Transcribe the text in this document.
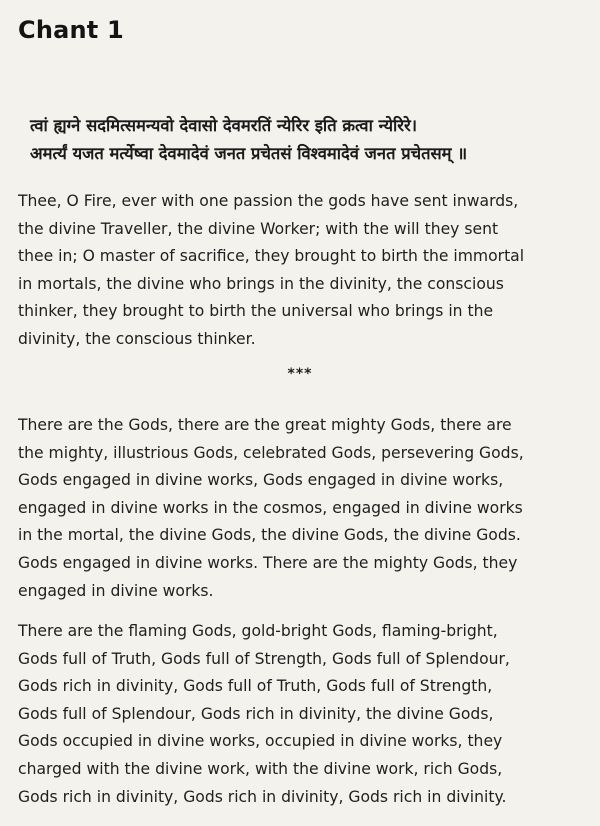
Chant 1
त्वां ह्यग्ने सदमित्समन्यवो देवासो देवमरतिं न्येरिर इति क्रत्वा न्येरिरे।
अमर्त्यं यजत मर्त्येष्वा देवमादेवं जनत प्रचेतसं विश्वमादेवं जनत प्रचेतसम् ॥
Thee, O Fire, ever with one passion the gods have sent inwards,
the divine Traveller, the divine Worker; with the will they sent
thee in; O master of sacrifice, they brought to birth the immortal
in mortals, the divine who brings in the divinity, the conscious
thinker, they brought to birth the universal who brings in the
divinity, the conscious thinker.
***
There are the Gods, there are the great mighty Gods, there are
the mighty, illustrious Gods, celebrated Gods, persevering Gods,
Gods engaged in divine works, Gods engaged in divine works,
engaged in divine works in the cosmos, engaged in divine works
in the mortal, the divine Gods, the divine Gods, the divine Gods.
Gods engaged in divine works. There are the mighty Gods, they
engaged in divine works.
There are the flaming Gods, gold-bright Gods, flaming-bright,
Gods full of Truth, Gods full of Strength, Gods full of Splendour,
Gods rich in divinity, Gods full of Truth, Gods full of Strength,
Gods full of Splendour, Gods rich in divinity, the divine Gods,
Gods occupied in divine works, occupied in divine works, they
charged with the divine work, with the divine work, rich Gods,
Gods rich in divinity, Gods rich in divinity, Gods rich in divinity.
